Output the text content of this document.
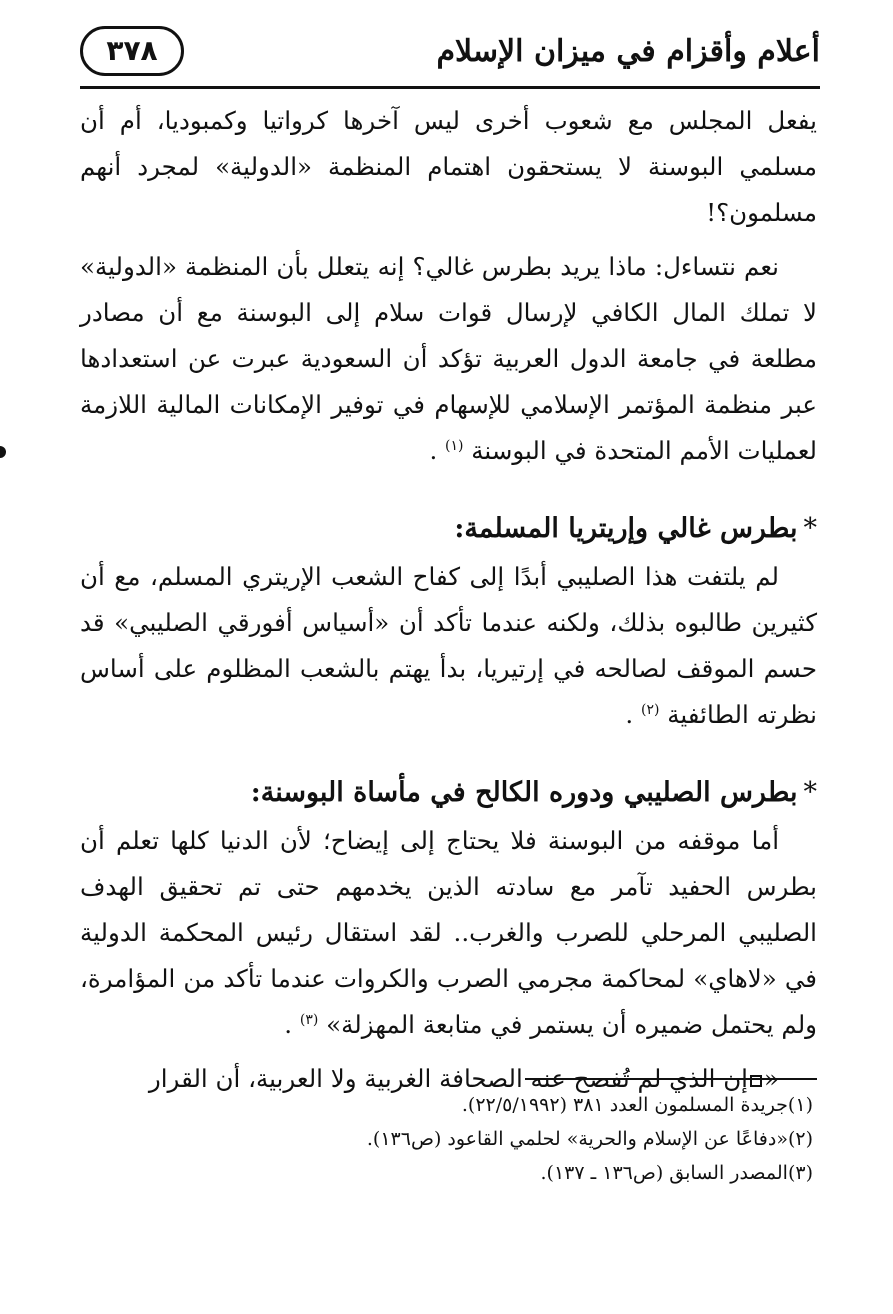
أعلام وأقزام في ميزان الإسلام
٣٧٨

يفعل المجلس مع شعوب أخرى ليس آخرها كرواتيا وكمبوديا، أم أن مسلمي البوسنة لا يستحقون اهتمام المنظمة «الدولية» لمجرد أنهم مسلمون؟!

نعم نتساءل: ماذا يريد بطرس غالي؟ إنه يتعلل بأن المنظمة «الدولية» لا تملك المال الكافي لإرسال قوات سلام إلى البوسنة مع أن مصادر مطلعة في جامعة الدول العربية تؤكد أن السعودية عبرت عن استعدادها عبر منظمة المؤتمر الإسلامي للإسهام في توفير الإمكانات المالية اللازمة لعمليات الأمم المتحدة في البوسنة $^{(١)}$ .

*بطرس غالي وإريتريا المسلمة:

لم يلتفت هذا الصليبي أبدًا إلى كفاح الشعب الإريتري المسلم، مع أن كثيرين طالبوه بذلك، ولكنه عندما تأكد أن «أسياس أفورقي الصليبي» قد حسم الموقف لصالحه في إرتيريا، بدأ يهتم بالشعب المظلوم على أساس نظرته الطائفية $^{(٢)}$ .

*بطرس الصليبي ودوره الكالح في مأساة البوسنة:

أما موقفه من البوسنة فلا يحتاج إلى إيضاح؛ لأن الدنيا كلها تعلم أن بطرس الحفيد تآمر مع سادته الذين يخدمهم حتى تم تحقيق الهدف الصليبي المرحلي للصرب والغرب.. لقد استقال رئيس المحكمة الدولية في «لاهاي» لمحاكمة مجرمي الصرب والكروات عندما تأكد من المؤامرة، ولم يحتمل ضميره أن يستمر في متابعة المهزلة» $^{(٣)}$ .

«إن الذي لم تُفصح عنه الصحافة الغربية ولا العربية، أن القرار

(١)جريدة المسلمون العدد ٣٨١ (٢٢/٥/١٩٩٢).

(٢)«دفاعًا عن الإسلام والحرية» لحلمي القاعود (ص١٣٦).

(٣)المصدر السابق (ص١٣٦ ـ ١٣٧).
